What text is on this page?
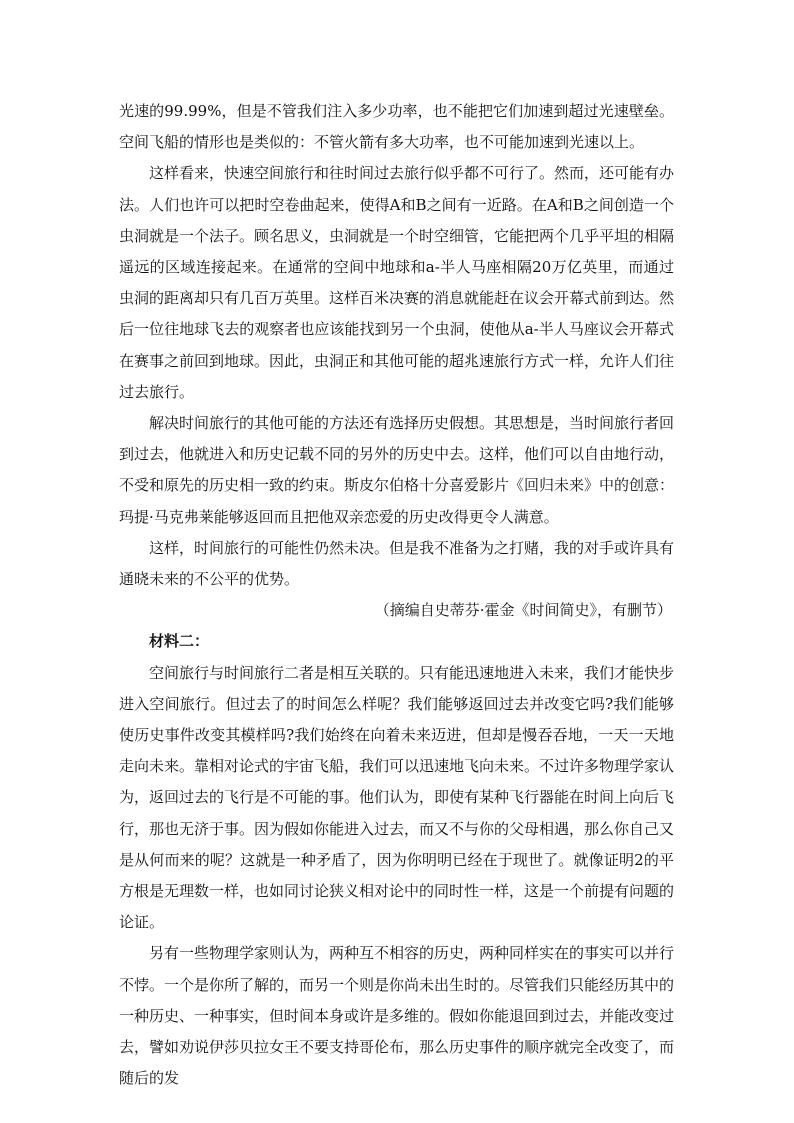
光速的99.99%，但是不管我们注入多少功率，也不能把它们加速到超过光速壁垒。空间飞船的情形也是类似的：不管火箭有多大功率，也不可能加速到光速以上。

这样看来，快速空间旅行和往时间过去旅行似乎都不可行了。然而，还可能有办法。人们也许可以把时空卷曲起来，使得A和B之间有一近路。在A和B之间创造一个虫洞就是一个法子。顾名思义，虫洞就是一个时空细管，它能把两个几乎平坦的相隔遥远的区域连接起来。在通常的空间中地球和a-半人马座相隔20万亿英里，而通过虫洞的距离却只有几百万英里。这样百米决赛的消息就能赶在议会开幕式前到达。然后一位往地球飞去的观察者也应该能找到另一个虫洞，使他从a-半人马座议会开幕式在赛事之前回到地球。因此，虫洞正和其他可能的超兆速旅行方式一样，允许人们往过去旅行。

解决时间旅行的其他可能的方法还有选择历史假想。其思想是，当时间旅行者回到过去，他就进入和历史记载不同的另外的历史中去。这样，他们可以自由地行动，不受和原先的历史相一致的约束。斯皮尔伯格十分喜爱影片《回归未来》中的创意：玛提·马克弗莱能够返回而且把他双亲恋爱的历史改得更令人满意。

这样，时间旅行的可能性仍然未决。但是我不准备为之打赌，我的对手或许具有通晓未来的不公平的优势。

（摘编自史蒂芬·霍金《时间简史》，有删节）

材料二：

空间旅行与时间旅行二者是相互关联的。只有能迅速地进入未来，我们才能快步进入空间旅行。但过去了的时间怎么样呢？我们能够返回过去并改变它吗?我们能够使历史事件改变其模样吗?我们始终在向着未来迈进，但却是慢吞吞地，一天一天地走向未来。靠相对论式的宇宙飞船，我们可以迅速地飞向未来。不过许多物理学家认为，返回过去的飞行是不可能的事。他们认为，即使有某种飞行器能在时间上向后飞行，那也无济于事。因为假如你能进入过去，而又不与你的父母相遇，那么你自己又是从何而来的呢？这就是一种矛盾了，因为你明明已经在于现世了。就像证明2的平方根是无理数一样，也如同讨论狭义相对论中的同时性一样，这是一个前提有问题的论证。

另有一些物理学家则认为，两种互不相容的历史，两种同样实在的事实可以并行不悖。一个是你所了解的，而另一个则是你尚未出生时的。尽管我们只能经历其中的一种历史、一种事实，但时间本身或许是多维的。假如你能退回到过去，并能改变过去，譬如劝说伊莎贝拉女王不要支持哥伦布，那么历史事件的顺序就完全改变了，而随后的发
